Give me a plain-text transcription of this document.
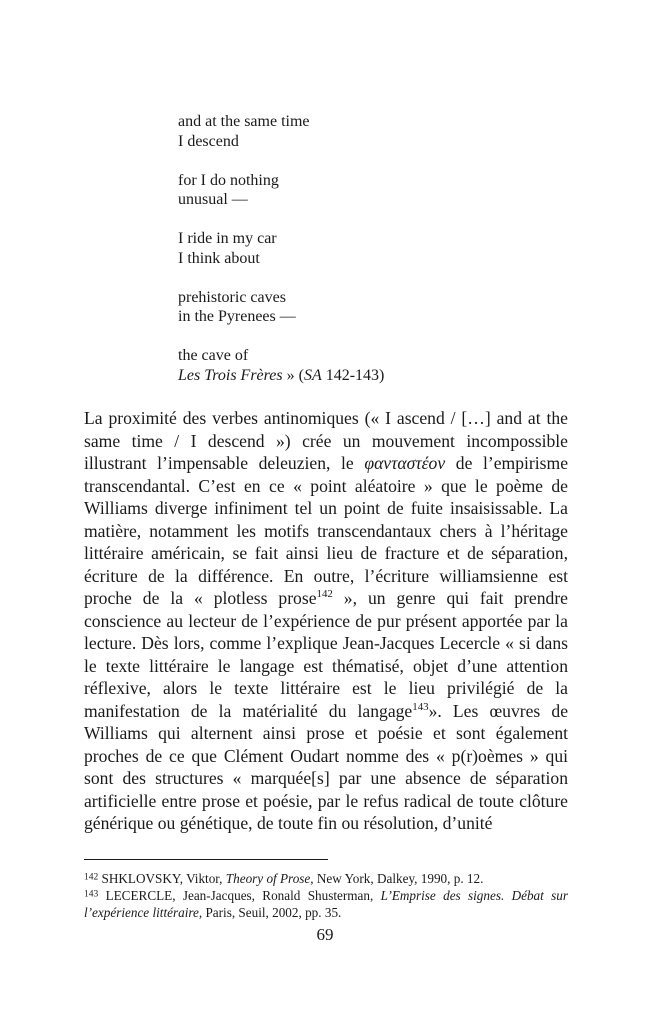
and at the same time
I descend
for I do nothing
unusual —
I ride in my car
I think about
prehistoric caves
in the Pyrenees —
the cave of
Les Trois Frères » (SA 142-143)

La proximité des verbes antinomiques (« I ascend / […] and at the same time / I descend ») crée un mouvement incompossible illustrant l’impensable deleuzien, le φανταστέον de l’empirisme transcendantal. C’est en ce « point aléatoire » que le poème de Williams diverge infiniment tel un point de fuite insaisissable. La matière, notamment les motifs transcendantaux chers à l’héritage littéraire américain, se fait ainsi lieu de fracture et de séparation, écriture de la différence. En outre, l’écriture williamsienne est proche de la « plotless prose$^{142}$ », un genre qui fait prendre conscience au lecteur de l’expérience de pur présent apportée par la lecture. Dès lors, comme l’explique Jean-Jacques Lecercle « si dans le texte littéraire le langage est thématisé, objet d’une attention réflexive, alors le texte littéraire est le lieu privilégié de la manifestation de la matérialité du langage$^{143}$». Les œuvres de Williams qui alternent ainsi prose et poésie et sont également proches de ce que Clément Oudart nomme des « p(r)oèmes » qui sont des structures « marquée[s] par une absence de séparation artificielle entre prose et poésie, par le refus radical de toute clôture générique ou génétique, de toute fin ou résolution, d’unité

$^{142}$ SHKLOVSKY, Viktor, Theory of Prose, New York, Dalkey, 1990, p. 12.

$^{143}$ LECERCLE, Jean-Jacques, Ronald Shusterman, L’Emprise des signes. Débat sur l’expérience littéraire, Paris, Seuil, 2002, pp. 35.

69
